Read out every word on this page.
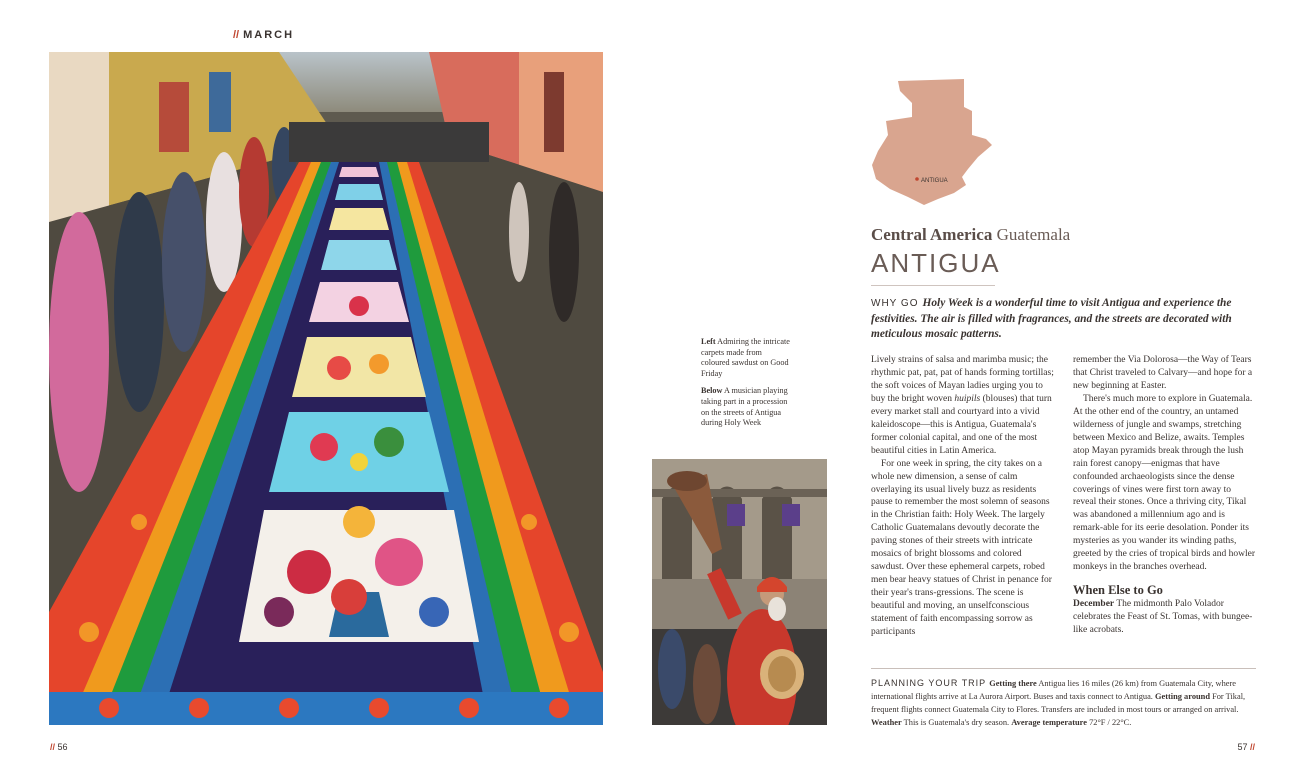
// MARCH

Left Admiring the intricate carpets made from coloured sawdust on Good Friday

Below A musician playing taking part in a procession on the streets of Antigua during Holy Week

ANTIGUA
Central America Guatemala
ANTIGUA
WHY GO Holy Week is a wonderful time to visit Antigua and experience the festivities. The air is filled with fragrances, and the streets are decorated with meticulous mosaic patterns.

Lively strains of salsa and marimba music; the rhythmic pat, pat, pat of hands forming tortillas; the soft voices of Mayan ladies urging you to buy the bright woven huipils (blouses) that turn every market stall and courtyard into a vivid kaleidoscope—this is Antigua, Guatemala's former colonial capital, and one of the most beautiful cities in Latin America.

For one week in spring, the city takes on a whole new dimension, a sense of calm overlaying its usual lively buzz as residents pause to remember the most solemn of seasons in the Christian faith: Holy Week. The largely Catholic Guatemalans devoutly decorate the paving stones of their streets with intricate mosaics of bright blossoms and colored sawdust. Over these ephemeral carpets, robed men bear heavy statues of Christ in penance for their year's trans-gressions. The scene is beautiful and moving, an unselfconscious statement of faith encompassing sorrow as participants

remember the Via Dolorosa—the Way of Tears that Christ traveled to Calvary—and hope for a new beginning at Easter.

There's much more to explore in Guatemala. At the other end of the country, an untamed wilderness of jungle and swamps, stretching between Mexico and Belize, awaits. Temples atop Mayan pyramids break through the lush rain forest canopy—enigmas that have confounded archaeologists since the dense coverings of vines were first torn away to reveal their stones. Once a thriving city, Tikal was abandoned a millennium ago and is remark-able for its eerie desolation. Ponder its mysteries as you wander its winding paths, greeted by the cries of tropical birds and howler monkeys in the branches overhead.

When Else to Go

December The midmonth Palo Volador celebrates the Feast of St. Tomas, with bungee-like acrobats.

PLANNING YOUR TRIP Getting there Antigua lies 16 miles (26 km) from Guatemala City, where international flights arrive at La Aurora Airport. Buses and taxis connect to Antigua. Getting around For Tikal, frequent flights connect Guatemala City to Flores. Transfers are included in most tours or arranged on arrival. Weather This is Guatemala's dry season. Average temperature 72°F / 22°C.
// 56	57 //
